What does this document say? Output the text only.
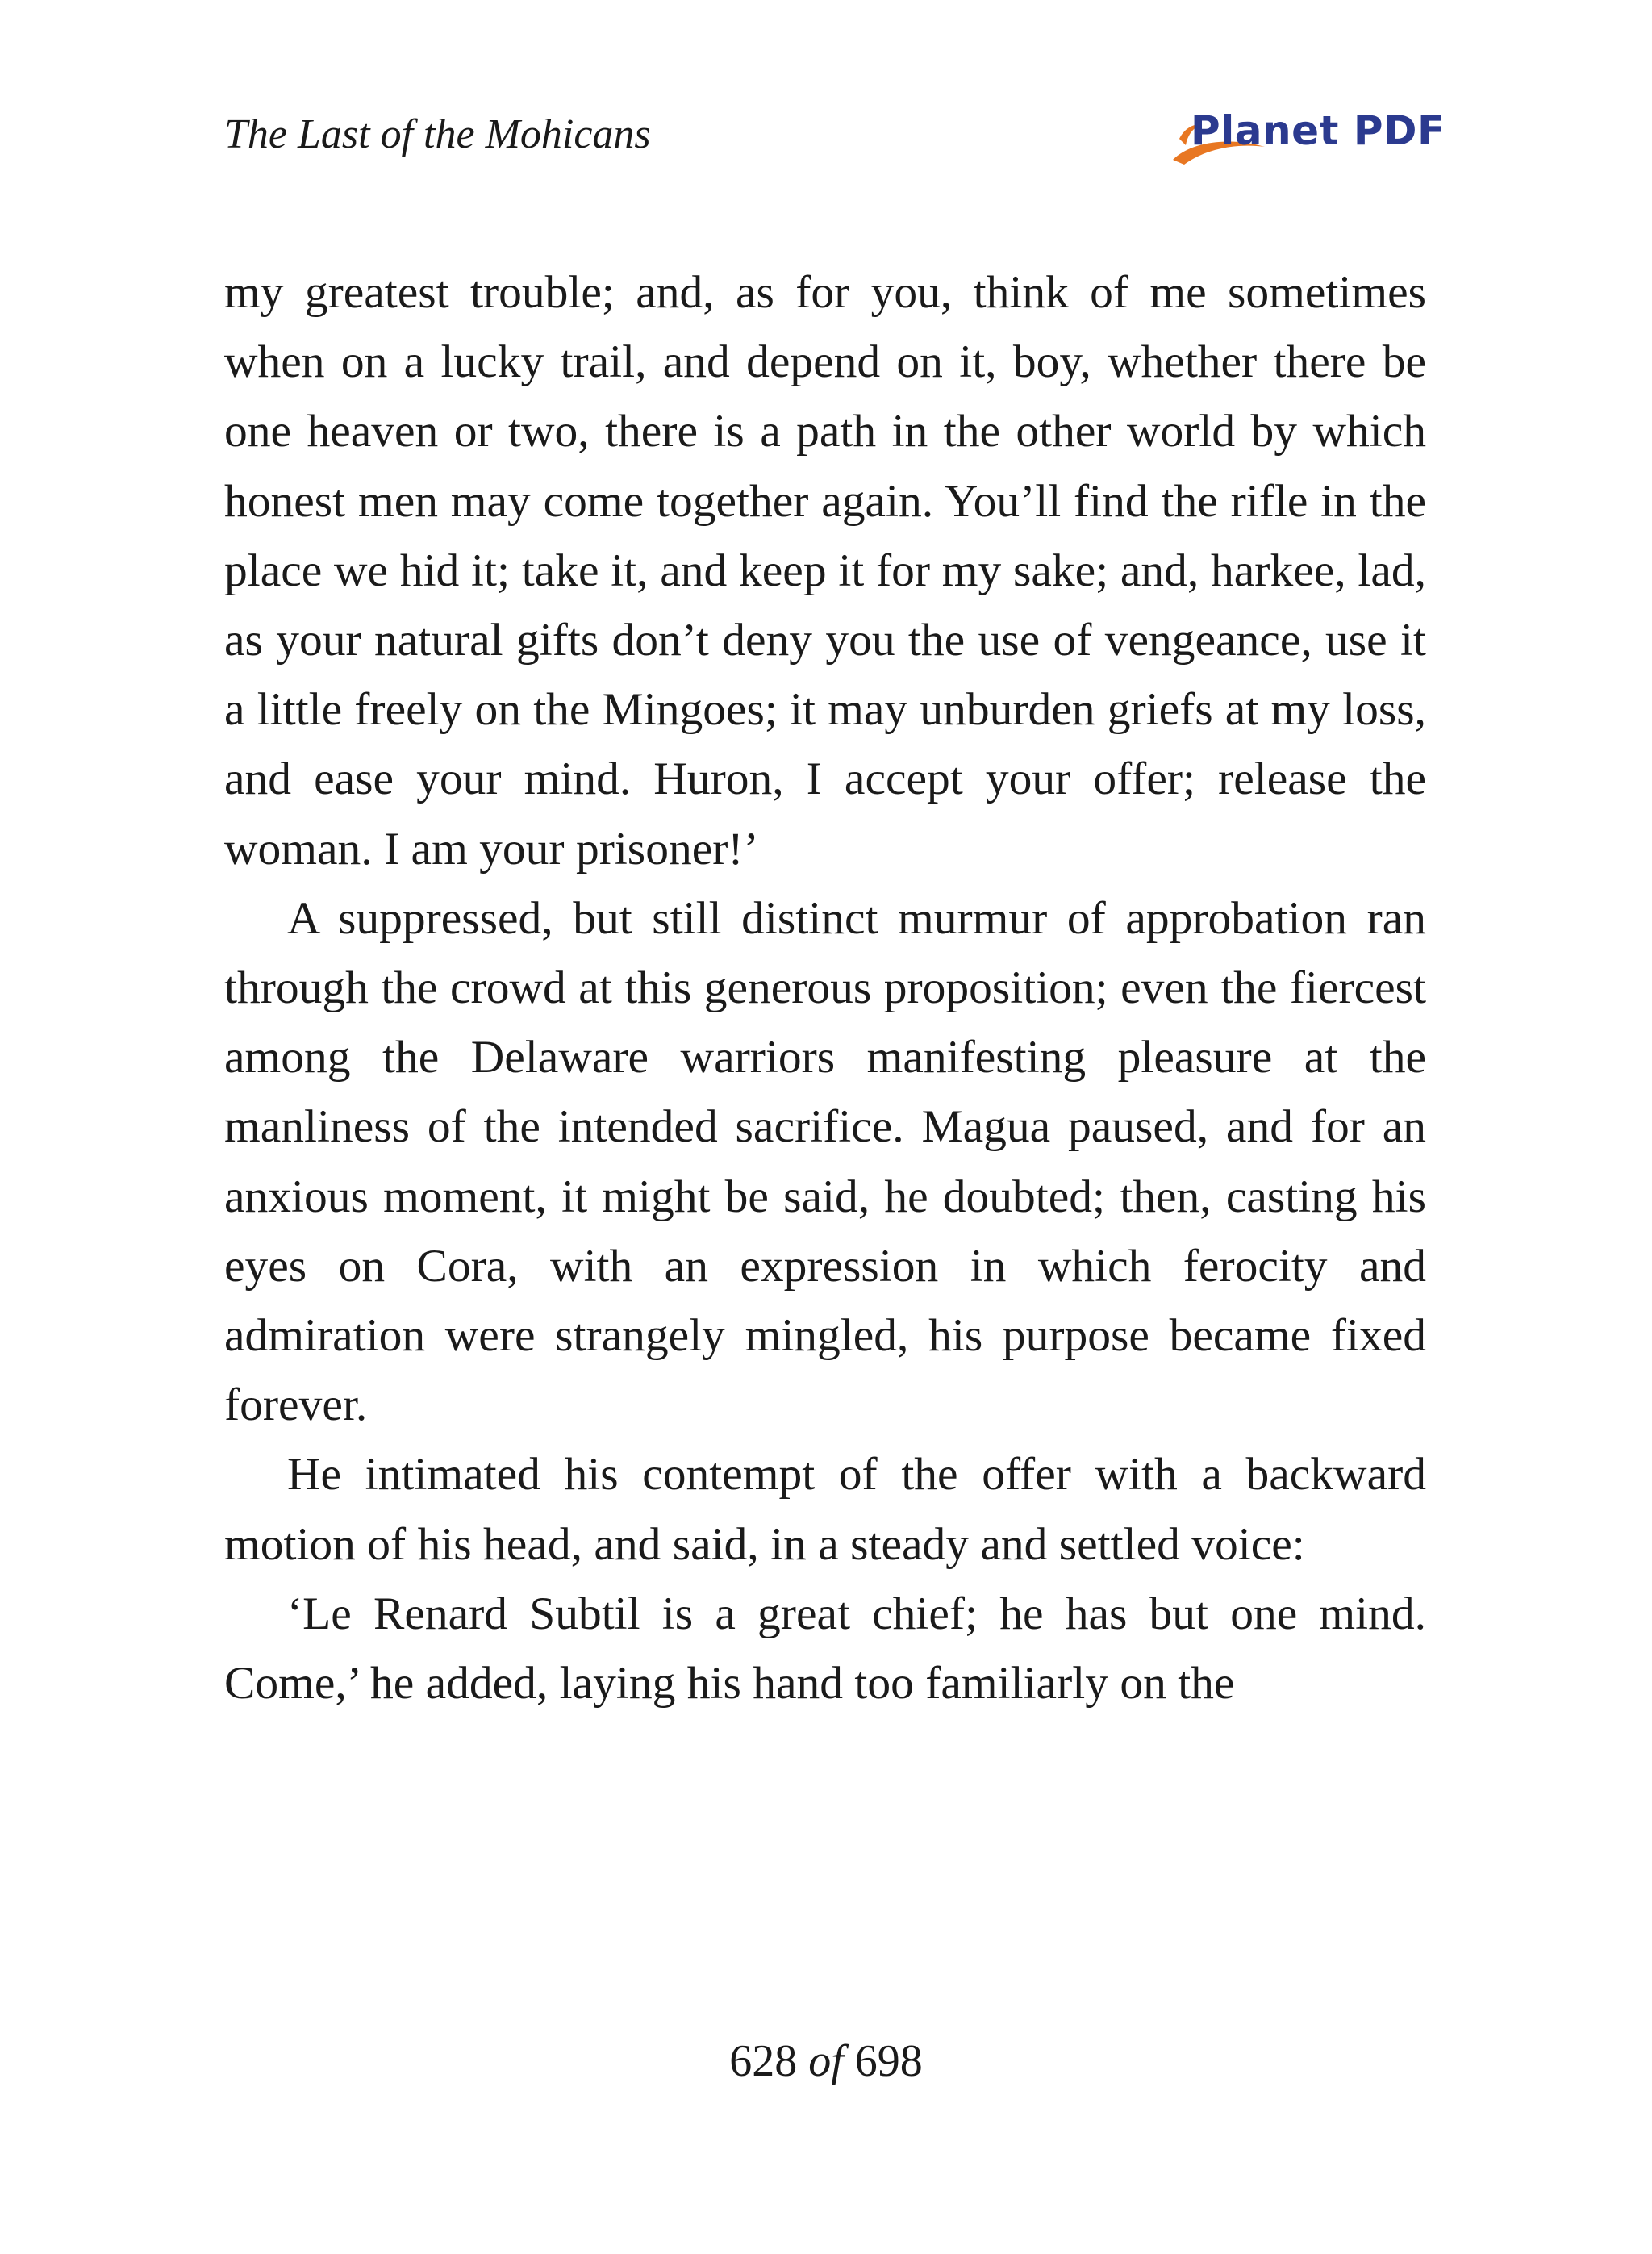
The Last of the Mohicans	Planet PDF

my greatest trouble; and, as for you, think of me sometimes when on a lucky trail, and depend on it, boy, whether there be one heaven or two, there is a path in the other world by which honest men may come together again. You’ll find the rifle in the place we hid it; take it, and keep it for my sake; and, harkee, lad, as your natural gifts don’t deny you the use of vengeance, use it a little freely on the Mingoes; it may unburden griefs at my loss, and ease your mind. Huron, I accept your offer; release the woman. I am your prisoner!’

A suppressed, but still distinct murmur of approbation ran through the crowd at this generous proposition; even the fiercest among the Delaware warriors manifesting pleasure at the manliness of the intended sacrifice. Magua paused, and for an anxious moment, it might be said, he doubted; then, casting his eyes on Cora, with an expression in which ferocity and admiration were strangely mingled, his purpose became fixed forever.

He intimated his contempt of the offer with a backward motion of his head, and said, in a steady and settled voice:

‘Le Renard Subtil is a great chief; he has but one mind. Come,’ he added, laying his hand too familiarly on the

628 of 698
